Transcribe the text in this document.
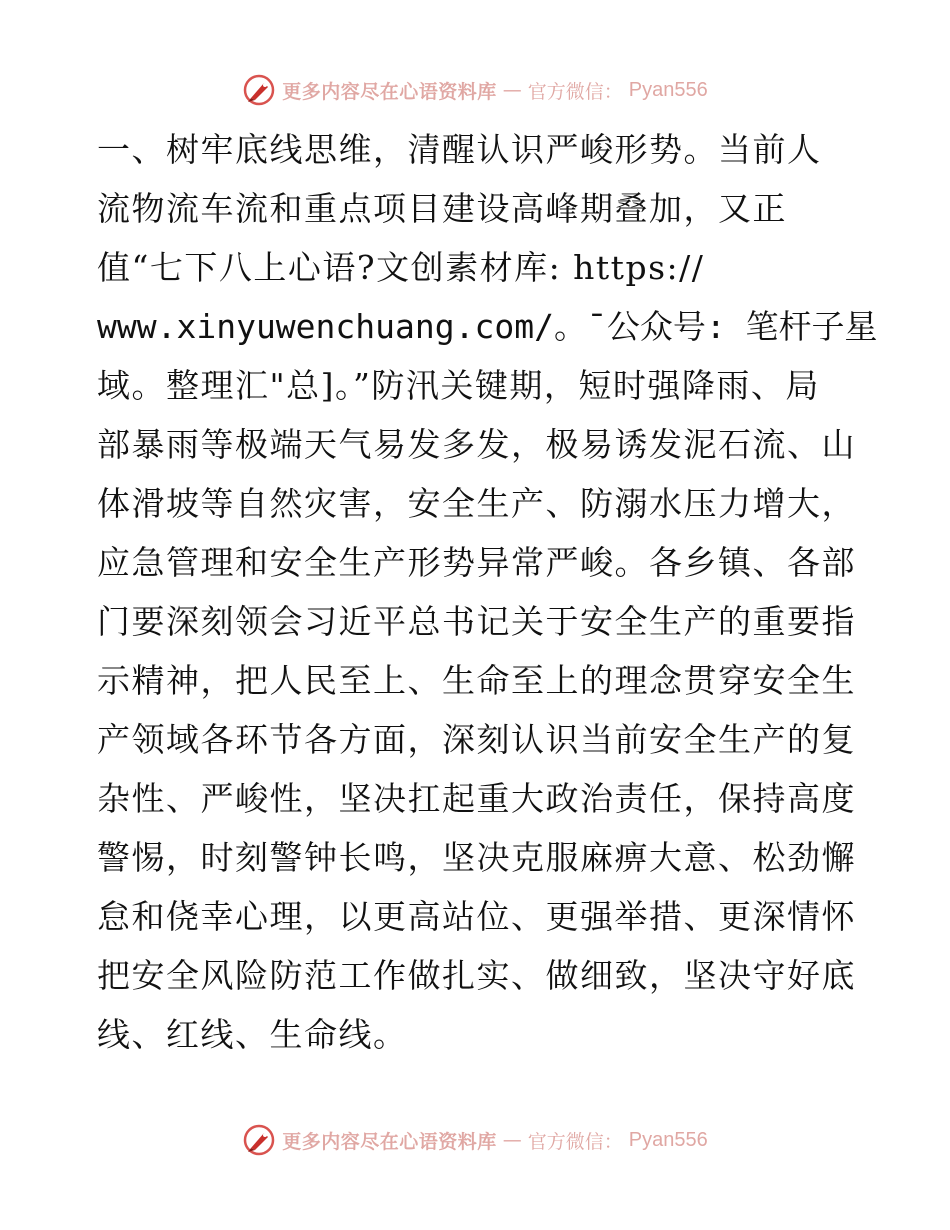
更多内容尽在心语资料库 — 官方微信： Pyan556
一、树牢底线思维，清醒认识严峻形势。当前人
流物流车流和重点项目建设高峰期叠加，又正
值“七下八上心语?文创素材库: https://
www.xinyuwenchuang.com/。¯公众号: 笔杆子星
域。整理汇"总]。”防汛关键期，短时强降雨、局
部暴雨等极端天气易发多发，极易诱发泥石流、山
体滑坡等自然灾害，安全生产、防溺水压力增大，
应急管理和安全生产形势异常严峻。各乡镇、各部
门要深刻领会习近平总书记关于安全生产的重要指
示精神，把人民至上、生命至上的理念贯穿安全生
产领域各环节各方面，深刻认识当前安全生产的复
杂性、严峻性，坚决扛起重大政治责任，保持高度
警惕，时刻警钟长鸣，坚决克服麻痹大意、松劲懈
怠和侥幸心理，以更高站位、更强举措、更深情怀
把安全风险防范工作做扎实、做细致，坚决守好底
线、红线、生命线。
更多内容尽在心语资料库 — 官方微信： Pyan556
